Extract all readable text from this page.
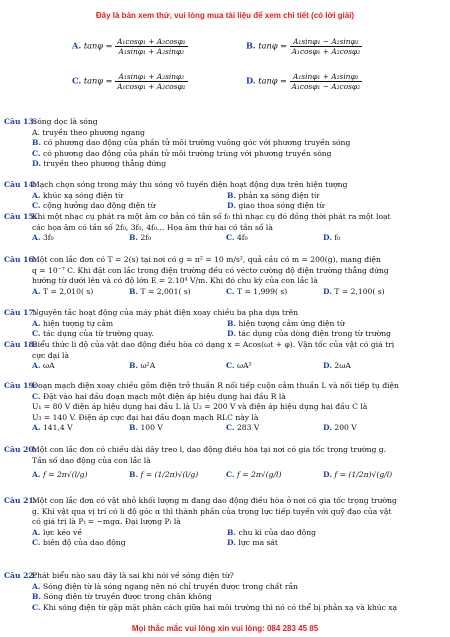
Đây là bản xem thử, vui lòng mua tài liệu để xem chi tiết (có lời giải)
A. $\tan\varphi = \frac{\text{A₁cosφ₁ + A₂cosφ₂}}{\text{A₁sinφ₁ + A₂sinφ₂}}$	B. $\tan\varphi = \frac{\text{A₁sinφ₁ − A₂sinφ₂}}{\text{A₁cosφ₁ + A₂cosφ₂}}$
C. $\tan\varphi = \frac{\text{A₁sinφ₁ + A₂sinφ₂}}{\text{A₁cosφ₁ + A₂cosφ₂}}$	D. $\tan\varphi = \frac{\text{A₁sinφ₁ + A₂sinφ₂}}{\text{A₁cosφ₁ − A₂cosφ₂}}$
Câu 13:
Sóng dọc là sóng
A. truyền theo phương ngang
B. có phương dao động của phần tử môi trường vuông góc với phương truyền sóng
C. có phương dao động của phần tử môi trường trùng với phương truyền sóng
D. truyền theo phương thẳng đứng
Câu 14:
Mạch chọn sóng trong máy thu sóng vô tuyến điện hoạt động dựa trên hiện tượng
A. khúc xạ sóng điện từ	B. phản xạ sóng điện từ
C. cộng hưởng dao động điện từ	D. giao thoa sóng điện từ
Câu 15:
Khi một nhạc cụ phát ra một âm cơ bản có tần số f₀ thì nhạc cụ đó đồng thời phát ra một loạt
các họa âm có tần số 2f₀, 3f₀, 4f₀… Họa âm thứ hai có tần số là
A. 3f₀	B. 2f₀	C. 4f₀	D. f₀
Câu 16:
Một con lắc đơn có T = 2(s) tại nơi có g = π² = 10 m/s², quả cầu có m = 200(g), mang điện
q = 10⁻⁷ C. Khi đặt con lắc trong điện trường đều có véctơ cường độ điện trường thẳng đứng
hướng từ dưới lên và có độ lớn E = 2.10⁴ V/m. Khi đó chu kỳ của con lắc là
A. T = 2,010( s)	B. T = 2,001( s)	C. T = 1,999( s)	D. T = 2,100( s)
Câu 17:
Nguyên tắc hoạt động của máy phát điện xoay chiều ba pha dựa trên
A. hiện tượng tự cảm	B. hiện tượng cảm ứng điện từ
C. tác dụng của từ trường quay.	D. tác dụng của dòng điện trong từ trường
Câu 18:
Biểu thức li độ của vật dao động điều hòa có dạng x = Acos(ωt + φ). Vận tốc của vật có giá trị
cực đại là
A. ωA	B. ω²A	C. ωA²	D. 2ωA
Câu 19:
Đoạn mạch điện xoay chiều gồm điện trở thuần R nối tiếp cuộn cảm thuần L và nối tiếp tụ điện
C. Đặt vào hai đầu đoạn mạch một điện áp hiệu dụng hai đầu R là
U₁ = 80 V điện áp hiệu dụng hai đầu L là U₂ = 200 V và điện áp hiệu dụng hai đầu C là
U₃ = 140 V. Điện áp cực đại hai đầu đoạn mạch RLC này là
A. 141,4 V	B. 100 V	C. 283 V	D. 200 V
Câu 20:
Một con lắc đơn có chiều dài dây treo l, dao động điều hòa tại nơi có gia tốc trọng trường g.
Tần số dao động của con lắc là
A. f = 2π√(l/g)	B. f = (1/2π)√(l/g)	C. f = 2π√(g/l)	D. f = (1/2π)√(g/l)
Câu 21:
Một con lắc đơn có vật nhỏ khối lượng m đang dao động điều hòa ở nơi có gia tốc trọng trường
g. Khi vật qua vị trí có li độ góc α thì thành phần của trọng lực tiếp tuyến với quỹ đạo của vật
có giá trị là Pₜ = −mgα. Đại lượng Pₜ là
A. lực kéo về	B. chu kì của dao động
C. biên độ của dao động	D. lực ma sát
Câu 22:
Phát biểu nào sau đây là sai khi nói về sóng điện từ?
A. Sóng điện từ là sóng ngang nên nó chỉ truyền được trong chất rắn
B. Sóng điện từ truyền được trong chân không
C. Khi sóng điện từ gặp mặt phân cách giữa hai môi trường thì nó có thể bị phản xạ và khúc xạ
Mọi thắc mắc vui lòng xin vui lòng: 084 283 45 85
